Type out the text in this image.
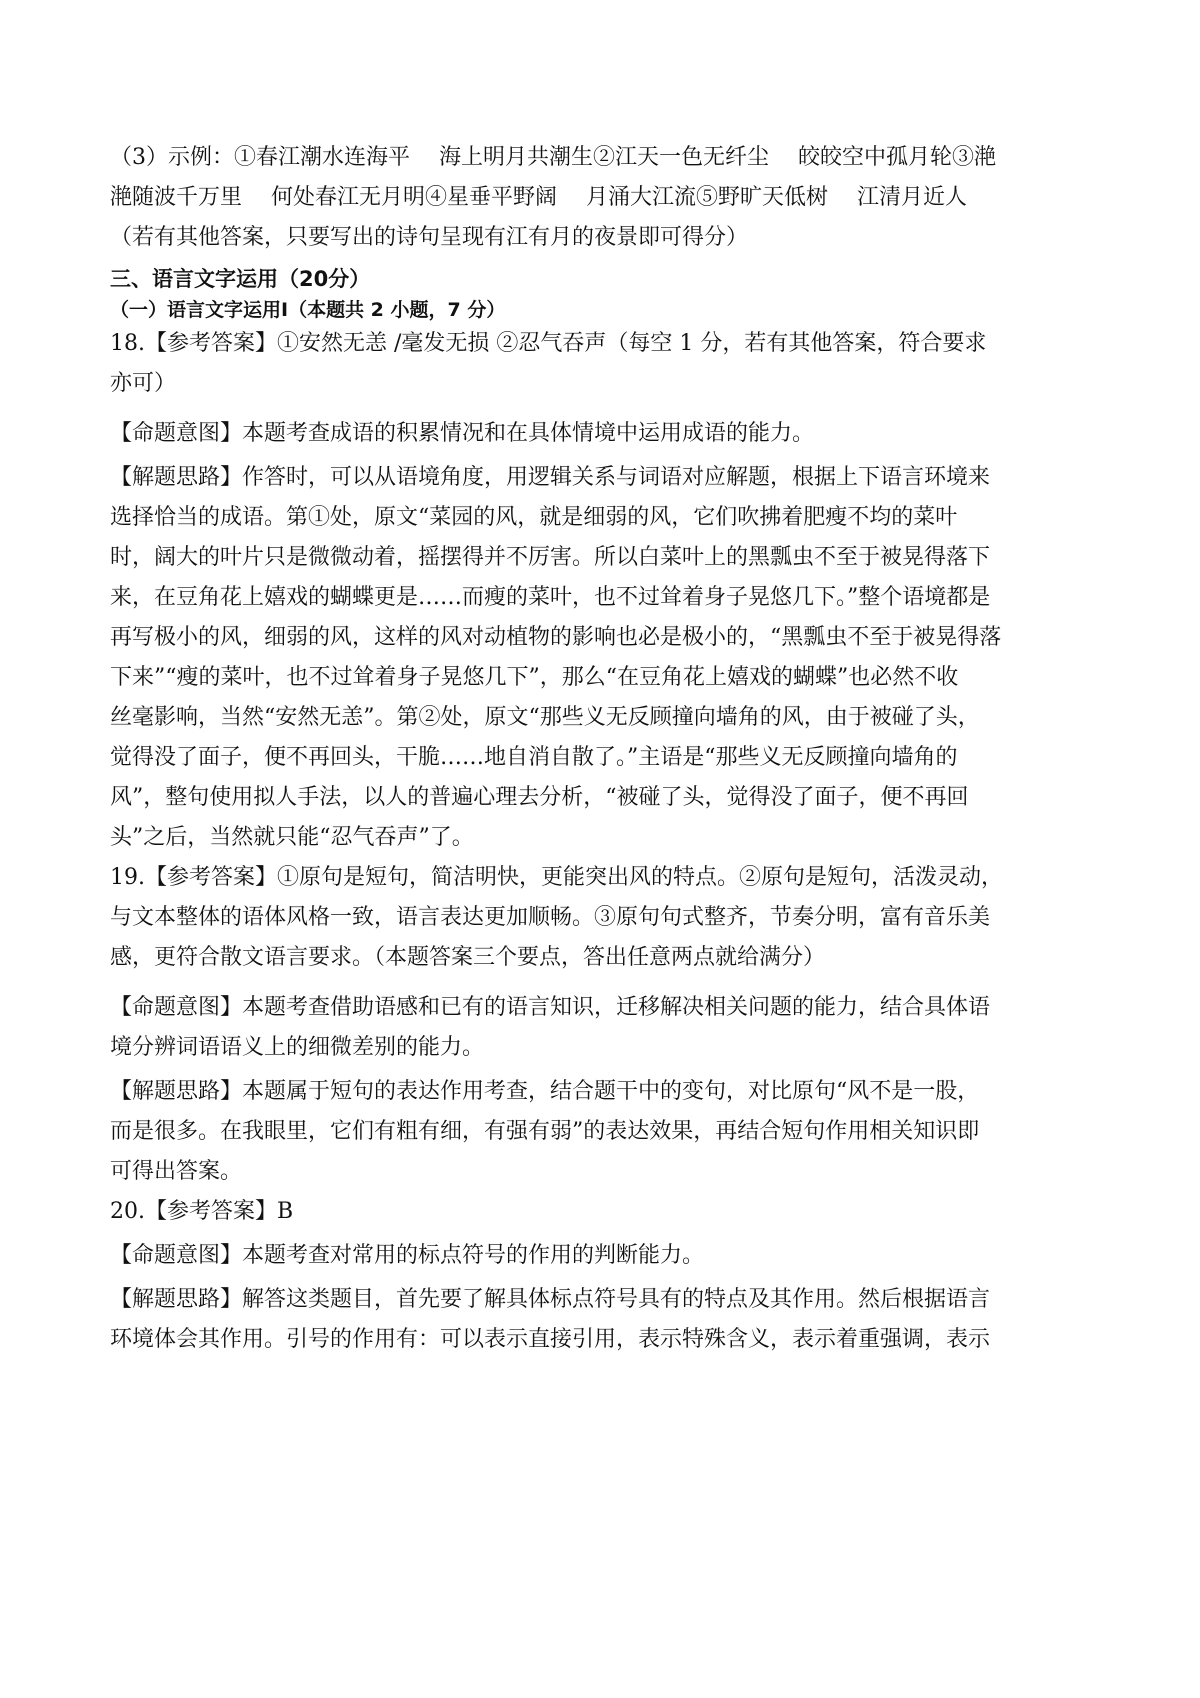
（3）示例：①春江潮水连海平　 海上明月共潮生②江天一色无纤尘　 皎皎空中孤月轮③滟
滟随波千万里　 何处春江无月明④星垂平野阔　 月涌大江流⑤野旷天低树　 江清月近人
（若有其他答案，只要写出的诗句呈现有江有月的夜景即可得分）
三、语言文字运用（20分）
（一）语言文字运用Ⅰ（本题共 2 小题，7 分）
18.【参考答案】①安然无恙 /毫发无损 ②忍气吞声（每空 1 分，若有其他答案，符合要求
亦可）
【命题意图】本题考查成语的积累情况和在具体情境中运用成语的能力。
【解题思路】作答时，可以从语境角度，用逻辑关系与词语对应解题，根据上下语言环境来
选择恰当的成语。第①处，原文“菜园的风，就是细弱的风，它们吹拂着肥瘦不均的菜叶
时，阔大的叶片只是微微动着，摇摆得并不厉害。所以白菜叶上的黑瓢虫不至于被晃得落下
来，在豆角花上嬉戏的蝴蝶更是……而瘦的菜叶，也不过耸着身子晃悠几下。”整个语境都是
再写极小的风，细弱的风，这样的风对动植物的影响也必是极小的，“黑瓢虫不至于被晃得落
下来”“瘦的菜叶，也不过耸着身子晃悠几下”，那么“在豆角花上嬉戏的蝴蝶”也必然不收
丝毫影响，当然“安然无恙”。第②处，原文“那些义无反顾撞向墙角的风，由于被碰了头，
觉得没了面子，便不再回头，干脆……地自消自散了。”主语是“那些义无反顾撞向墙角的
风”，整句使用拟人手法，以人的普遍心理去分析，“被碰了头，觉得没了面子，便不再回
头”之后，当然就只能“忍气吞声”了。
19.【参考答案】①原句是短句，简洁明快，更能突出风的特点。②原句是短句，活泼灵动，
与文本整体的语体风格一致，语言表达更加顺畅。③原句句式整齐，节奏分明，富有音乐美
感，更符合散文语言要求。（本题答案三个要点，答出任意两点就给满分）
【命题意图】本题考查借助语感和已有的语言知识，迁移解决相关问题的能力，结合具体语
境分辨词语语义上的细微差别的能力。
【解题思路】本题属于短句的表达作用考查，结合题干中的变句，对比原句“风不是一股，
而是很多。在我眼里，它们有粗有细，有强有弱”的表达效果，再结合短句作用相关知识即
可得出答案。
20.【参考答案】B
【命题意图】本题考查对常用的标点符号的作用的判断能力。
【解题思路】解答这类题目，首先要了解具体标点符号具有的特点及其作用。然后根据语言
环境体会其作用。引号的作用有：可以表示直接引用，表示特殊含义，表示着重强调，表示
